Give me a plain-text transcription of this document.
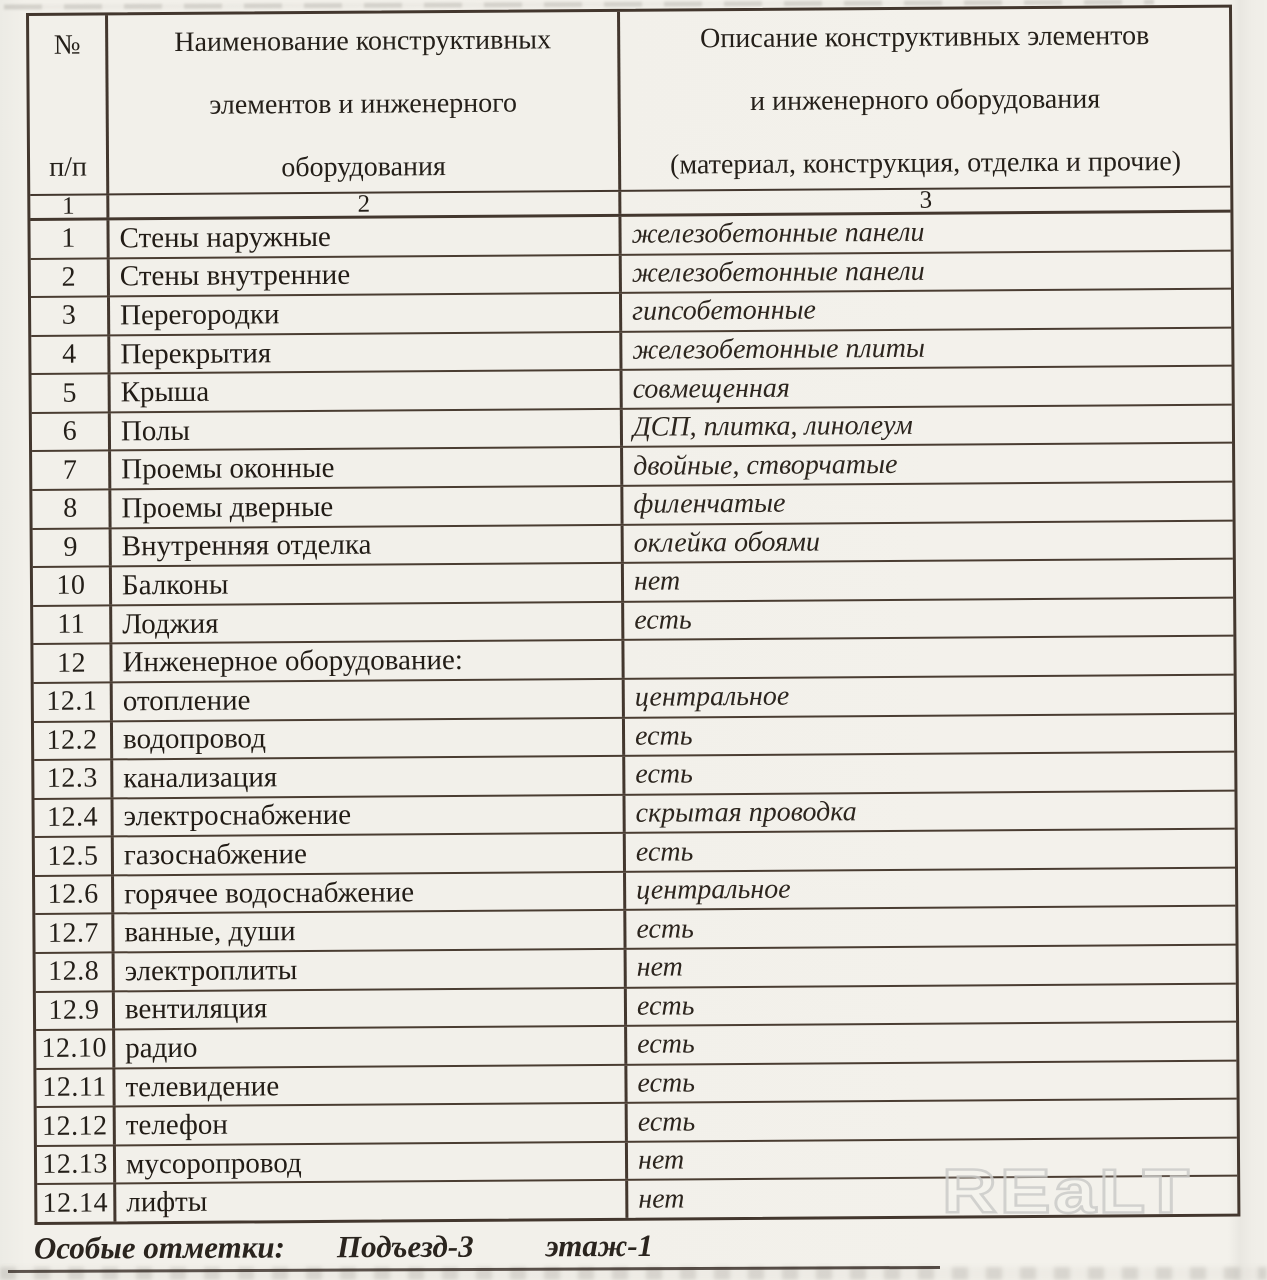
№
п/п
Наименование конструктивных
элементов и инженерного
оборудования
Описание конструктивных элементов
и инженерного оборудования
(материал, конструкция, отделка и прочие)
1	2	3
1	Стены наружные	железобетонные панели
2	Стены внутренние	железобетонные панели
3	Перегородки	гипсобетонные
4	Перекрытия	железобетонные плиты
5	Крыша	совмещенная
6	Полы	ДСП, плитка, линолеум
7	Проемы оконные	двойные, створчатые
8	Проемы дверные	филенчатые
9	Внутренняя отделка	оклейка обоями
10	Балконы	нет
11	Лоджия	есть
12	Инженерное оборудование:
12.1 отопление	центральное
12.2 водопровод	есть
12.3 канализация	есть
12.4 электроснабжение	скрытая проводка
12.5 газоснабжение	есть
12.6 горячее водоснабжение	центральное
12.7 ванные, души	есть
12.8 электроплиты	нет
12.9 вентиляция	есть
12.10 радио	есть
12.11 телевидение	есть
12.12 телефон	есть
12.13 мусоропровод	нет
12.14 лифты	нет
Особые отметки: Подъезд-3 этаж-1
REaLT
